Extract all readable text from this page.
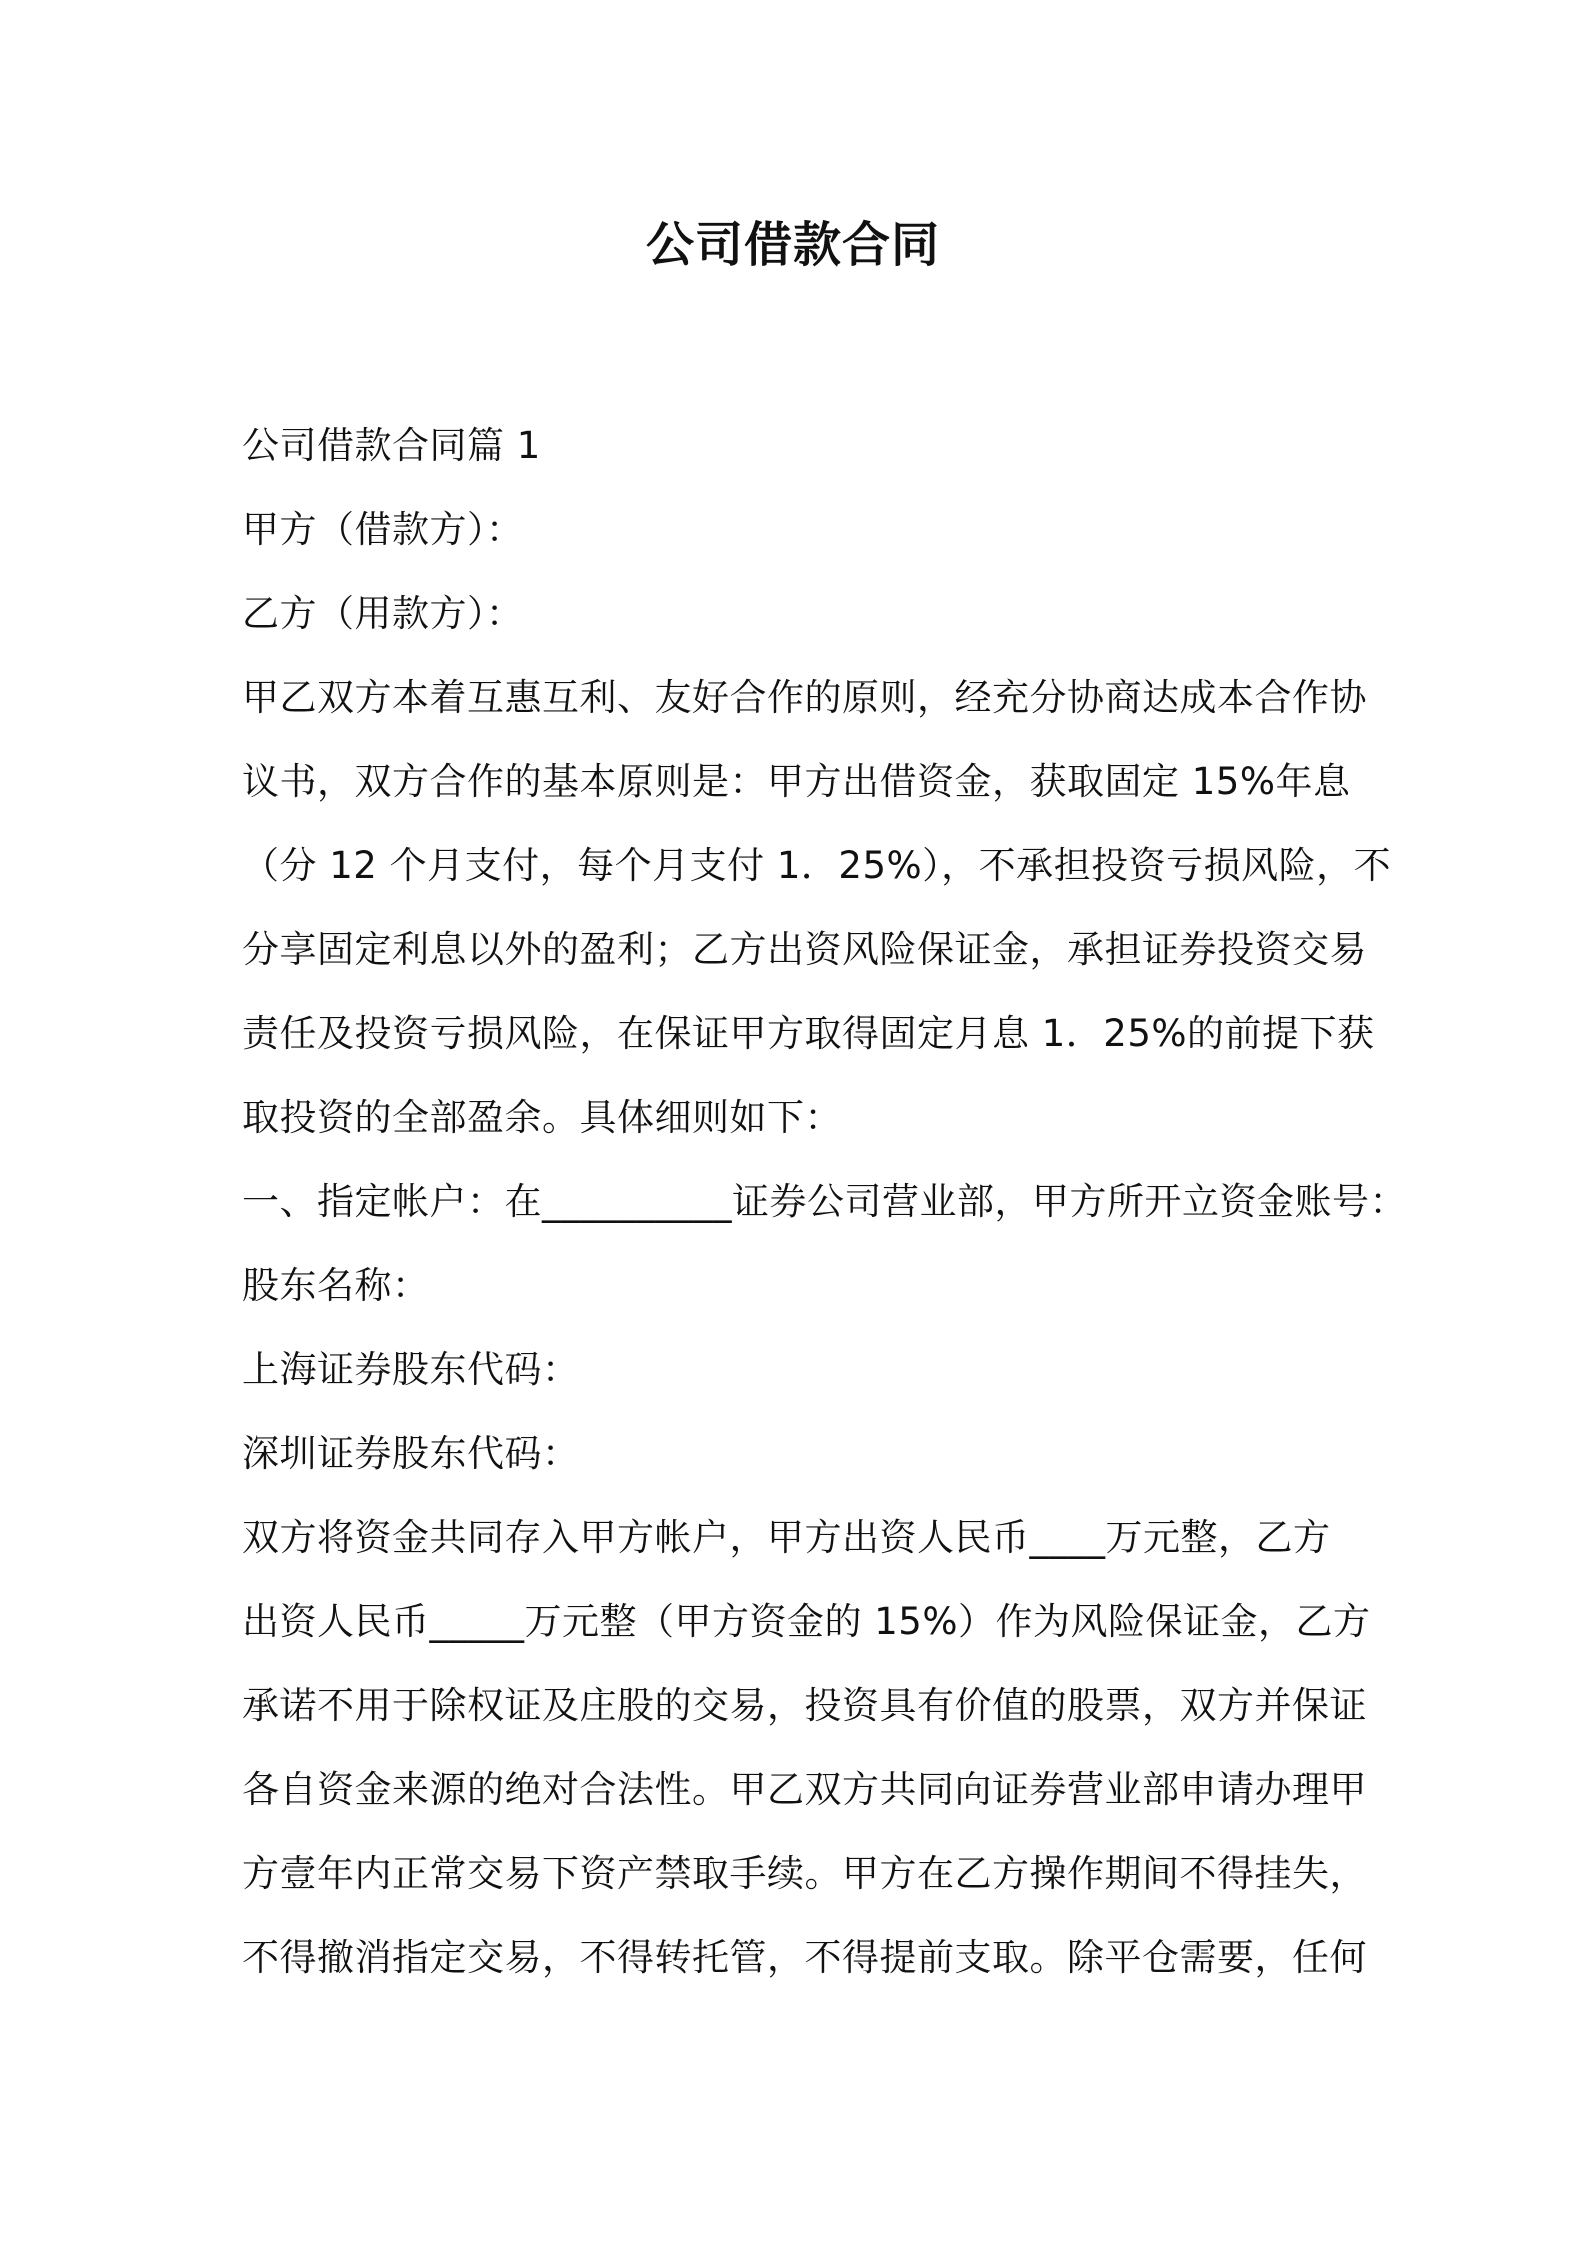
公司借款合同
公司借款合同篇 1
甲方（借款方）：
乙方（用款方）：
甲乙双方本着互惠互利、友好合作的原则，经充分协商达成本合作协
议书，双方合作的基本原则是：甲方出借资金，获取固定 15%年息
（分 12 个月支付，每个月支付 1．25%），不承担投资亏损风险，不
分享固定利息以外的盈利；乙方出资风险保证金，承担证券投资交易
责任及投资亏损风险，在保证甲方取得固定月息 1．25%的前提下获
取投资的全部盈余。具体细则如下：
一、指定帐户：在__________证券公司营业部，甲方所开立资金账号：
股东名称：
上海证券股东代码：
深圳证券股东代码：
双方将资金共同存入甲方帐户，甲方出资人民币____万元整，乙方
出资人民币_____万元整（甲方资金的 15%）作为风险保证金，乙方
承诺不用于除权证及庄股的交易，投资具有价值的股票，双方并保证
各自资金来源的绝对合法性。甲乙双方共同向证券营业部申请办理甲
方壹年内正常交易下资产禁取手续。甲方在乙方操作期间不得挂失，
不得撤消指定交易，不得转托管，不得提前支取。除平仓需要，任何
